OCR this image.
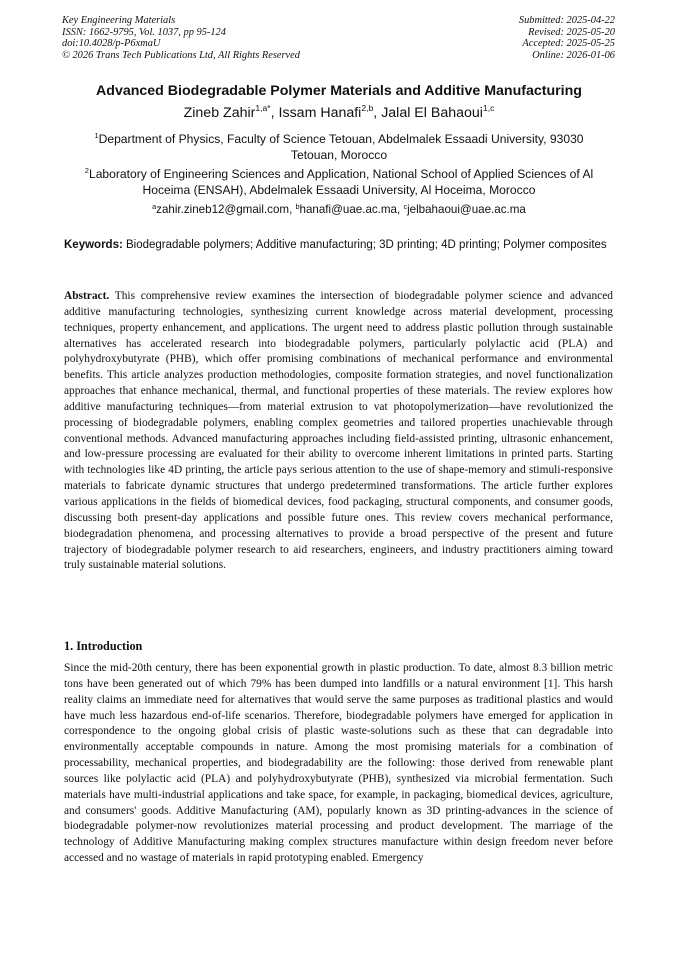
Key Engineering Materials
ISSN: 1662-9795, Vol. 1037, pp 95-124
doi:10.4028/p-P6xmaU
© 2026 Trans Tech Publications Ltd, All Rights Reserved
Submitted: 2025-04-22
Revised: 2025-05-20
Accepted: 2025-05-25
Online: 2026-01-06
Advanced Biodegradable Polymer Materials and Additive Manufacturing
Zineb Zahir$^{1,a*}$, Issam Hanafi$^{2,b}$, Jalal El Bahaoui$^{1,c}$
$^1$Department of Physics, Faculty of Science Tetouan, Abdelmalek Essaadi University, 93030 Tetouan, Morocco
$^2$Laboratory of Engineering Sciences and Application, National School of Applied Sciences of Al Hoceima (ENSAH), Abdelmalek Essaadi University, Al Hoceima, Morocco
$^a$zahir.zineb12@gmail.com, $^b$hanafi@uae.ac.ma, $^c$jelbahaoui@uae.ac.ma
Keywords: Biodegradable polymers; Additive manufacturing; 3D printing; 4D printing; Polymer composites
Abstract. This comprehensive review examines the intersection of biodegradable polymer science and advanced additive manufacturing technologies, synthesizing current knowledge across material development, processing techniques, property enhancement, and applications. The urgent need to address plastic pollution through sustainable alternatives has accelerated research into biodegradable polymers, particularly polylactic acid (PLA) and polyhydroxybutyrate (PHB), which offer promising combinations of mechanical performance and environmental benefits. This article analyzes production methodologies, composite formation strategies, and novel functionalization approaches that enhance mechanical, thermal, and functional properties of these materials. The review explores how additive manufacturing techniques—from material extrusion to vat photopolymerization—have revolutionized the processing of biodegradable polymers, enabling complex geometries and tailored properties unachievable through conventional methods. Advanced manufacturing approaches including field-assisted printing, ultrasonic enhancement, and low-pressure processing are evaluated for their ability to overcome inherent limitations in printed parts. Starting with technologies like 4D printing, the article pays serious attention to the use of shape-memory and stimuli-responsive materials to fabricate dynamic structures that undergo predetermined transformations. The article further explores various applications in the fields of biomedical devices, food packaging, structural components, and consumer goods, discussing both present-day applications and possible future ones. This review covers mechanical performance, biodegradation phenomena, and processing alternatives to provide a broad perspective of the present and future trajectory of biodegradable polymer research to aid researchers, engineers, and industry practitioners aiming toward truly sustainable material solutions.
1. Introduction
Since the mid-20th century, there has been exponential growth in plastic production. To date, almost 8.3 billion metric tons have been generated out of which 79% has been dumped into landfills or a natural environment [1]. This harsh reality claims an immediate need for alternatives that would serve the same purposes as traditional plastics and would have much less hazardous end-of-life scenarios. Therefore, biodegradable polymers have emerged for application in correspondence to the ongoing global crisis of plastic waste-solutions such as these that can degradable into environmentally acceptable compounds in nature. Among the most promising materials for a combination of processability, mechanical properties, and biodegradability are the following: those derived from renewable plant sources like polylactic acid (PLA) and polyhydroxybutyrate (PHB), synthesized via microbial fermentation. Such materials have multi-industrial applications and take space, for example, in packaging, biomedical devices, agriculture, and consumers' goods. Additive Manufacturing (AM), popularly known as 3D printing-advances in the science of biodegradable polymer-now revolutionizes material processing and product development. The marriage of the technology of Additive Manufacturing making complex structures manufacture within design freedom never before accessed and no wastage of materials in rapid prototyping enabled. Emergency
